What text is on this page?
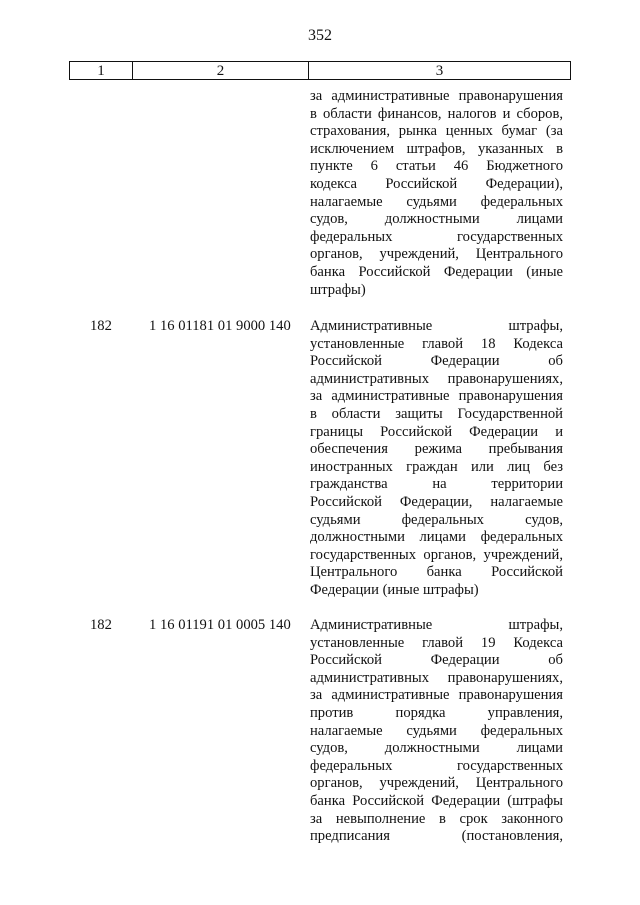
352
1	2	3
за административные правонарушения
в области финансов, налогов и сборов,
страхования, рынка ценных бумаг (за
исключением штрафов, указанных в
пункте 6 статьи 46 Бюджетного
кодекса Российской Федерации),
налагаемые судьями федеральных
судов, должностными лицами
федеральных государственных
органов, учреждений, Центрального
банка Российской Федерации (иные
штрафы)
182	1 16 01181 01 9000 140 Административные штрафы,
установленные главой 18 Кодекса
Российской Федерации об
административных правонарушениях,
за административные правонарушения
в области защиты Государственной
границы Российской Федерации и
обеспечения режима пребывания
иностранных граждан или лиц без
гражданства на территории
Российской Федерации, налагаемые
судьями федеральных судов,
должностными лицами федеральных
государственных органов, учреждений,
Центрального банка Российской
Федерации (иные штрафы)
182	1 16 01191 01 0005 140 Административные штрафы,
установленные главой 19 Кодекса
Российской Федерации об
административных правонарушениях,
за административные правонарушения
против порядка управления,
налагаемые судьями федеральных
судов, должностными лицами
федеральных государственных
органов, учреждений, Центрального
банка Российской Федерации (штрафы
за невыполнение в срок законного
предписания (постановления,
